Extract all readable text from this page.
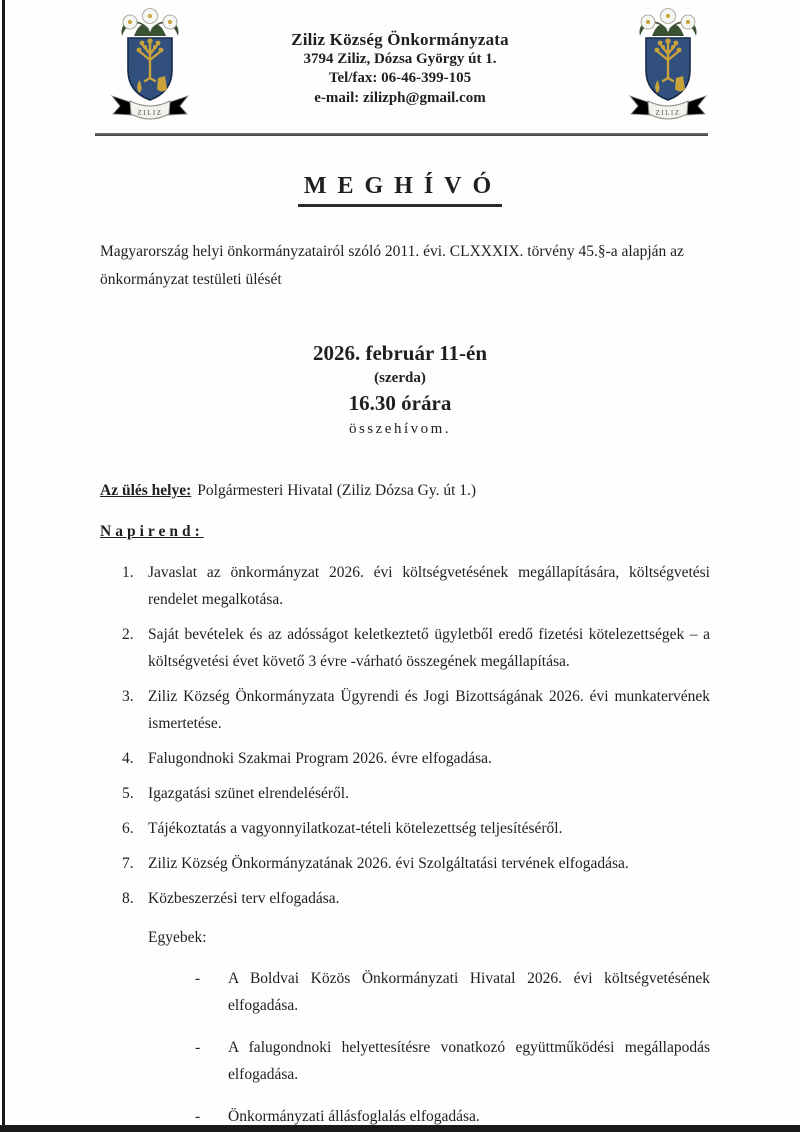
ZILIZ
Ziliz Község Önkormányzata
3794 Ziliz, Dózsa György út 1.
Tel/fax: 06-46-399-105
e-mail: zilizph@gmail.com
ZILIZ
MEGHÍVÓ

Magyarország helyi önkormányzatairól szóló 2011. évi. CLXXXIX. törvény 45.§-a alapján az önkormányzat testületi ülését

2026. február 11-én
(szerda)
16.30 órára
összehívom.
Az ülés helye: Polgármesteri Hivatal (Ziliz Dózsa Gy. út 1.)
Napirend:
1. Javaslat az önkormányzat 2026. évi költségvetésének megállapítására, költségvetési rendelet megalkotása.
2. Saját bevételek és az adósságot keletkeztető ügyletből eredő fizetési kötelezettségek – a költségvetési évet követő 3 évre -várható összegének megállapítása.
3. Ziliz Község Önkormányzata Ügyrendi és Jogi Bizottságának 2026. évi munkatervének ismertetése.
4. Falugondnoki Szakmai Program 2026. évre elfogadása.
5. Igazgatási szünet elrendeléséről.
6. Tájékoztatás a vagyonnyilatkozat-tételi kötelezettség teljesítéséről.
7. Ziliz Község Önkormányzatának 2026. évi Szolgáltatási tervének elfogadása.
8. Közbeszerzési terv elfogadása.
Egyebek:
-	A Boldvai Közös Önkormányzati Hivatal 2026. évi költségvetésének elfogadása.
-	A falugondnoki helyettesítésre vonatkozó együttműködési megállapodás elfogadása.
-	Önkormányzati állásfoglalás elfogadása.
